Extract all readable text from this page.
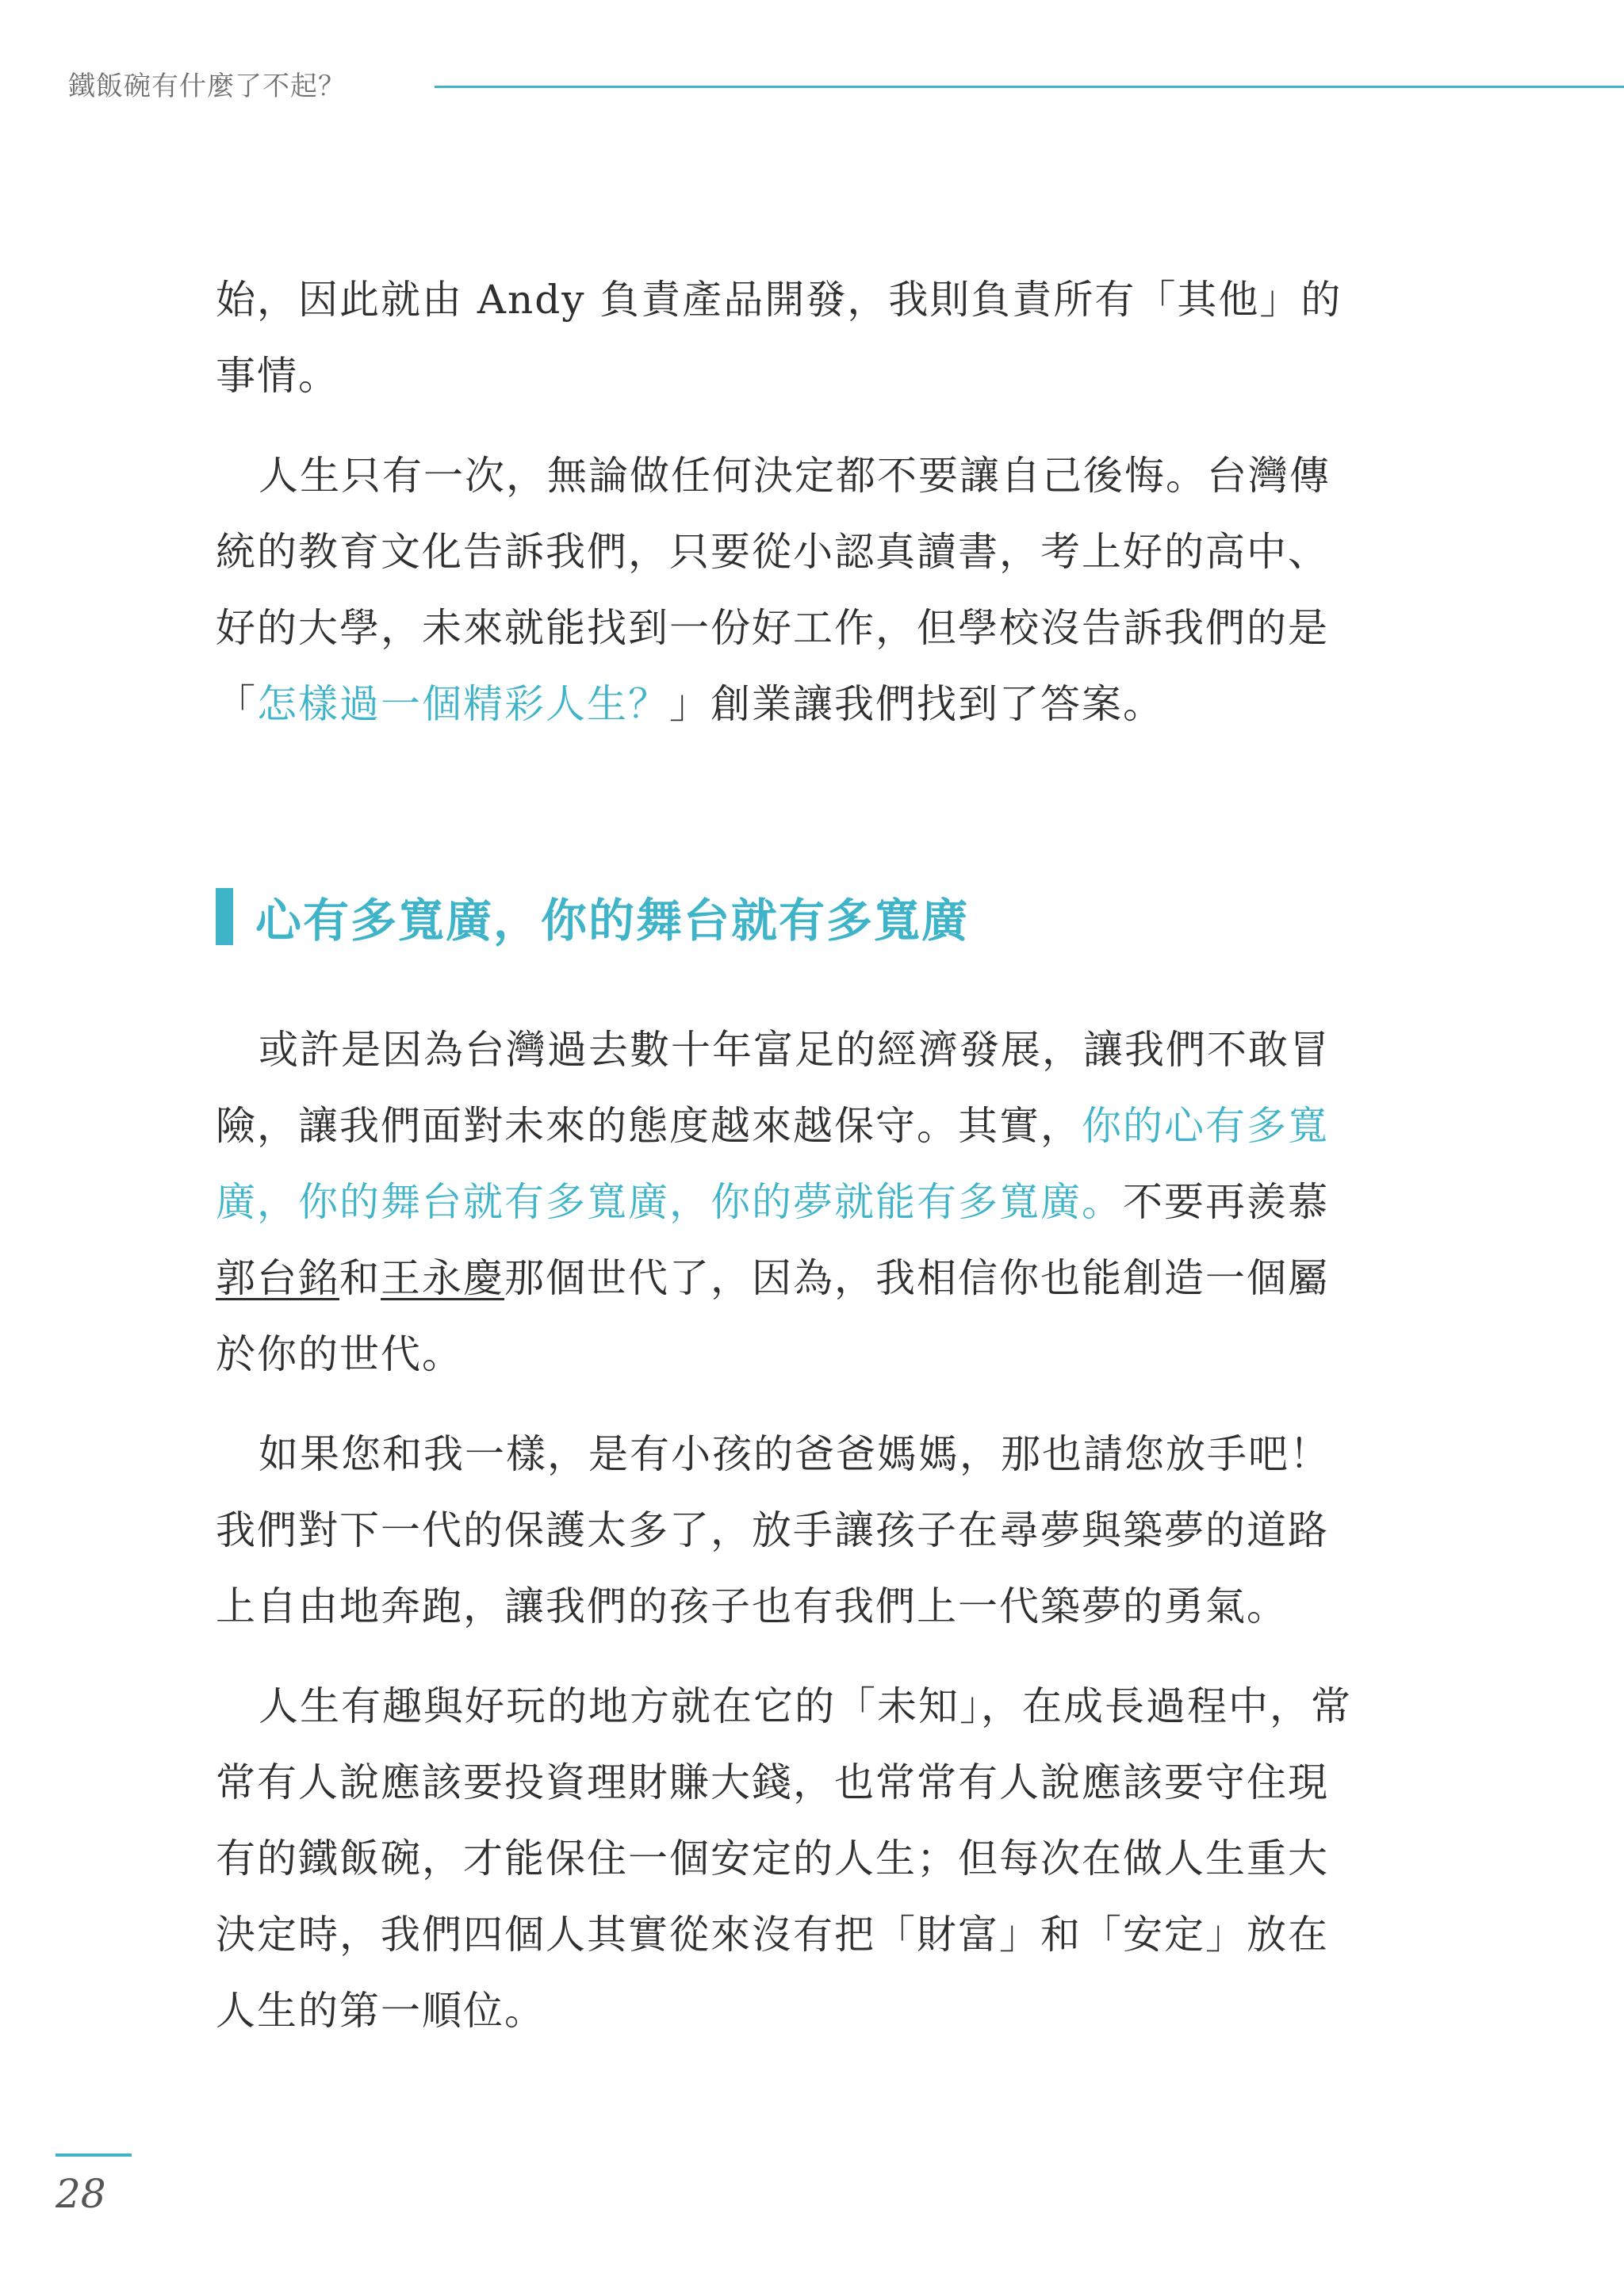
鐵飯碗有什麼了不起？

始，因此就由 Andy 負責產品開發，我則負責所有「其他」的事情。

人生只有一次，無論做任何決定都不要讓自己後悔。台灣傳統的教育文化告訴我們，只要從小認真讀書，考上好的高中、好的大學，未來就能找到一份好工作，但學校沒告訴我們的是「怎樣過一個精彩人生？」創業讓我們找到了答案。

心有多寬廣，你的舞台就有多寬廣

或許是因為台灣過去數十年富足的經濟發展，讓我們不敢冒險，讓我們面對未來的態度越來越保守。其實，你的心有多寬廣，你的舞台就有多寬廣，你的夢就能有多寬廣。不要再羨慕郭台銘和王永慶那個世代了，因為，我相信你也能創造一個屬於你的世代。

如果您和我一樣，是有小孩的爸爸媽媽，那也請您放手吧！我們對下一代的保護太多了，放手讓孩子在尋夢與築夢的道路上自由地奔跑，讓我們的孩子也有我們上一代築夢的勇氣。

人生有趣與好玩的地方就在它的「未知」，在成長過程中，常常有人說應該要投資理財賺大錢，也常常有人說應該要守住現有的鐵飯碗，才能保住一個安定的人生；但每次在做人生重大決定時，我們四個人其實從來沒有把「財富」和「安定」放在人生的第一順位。

28
